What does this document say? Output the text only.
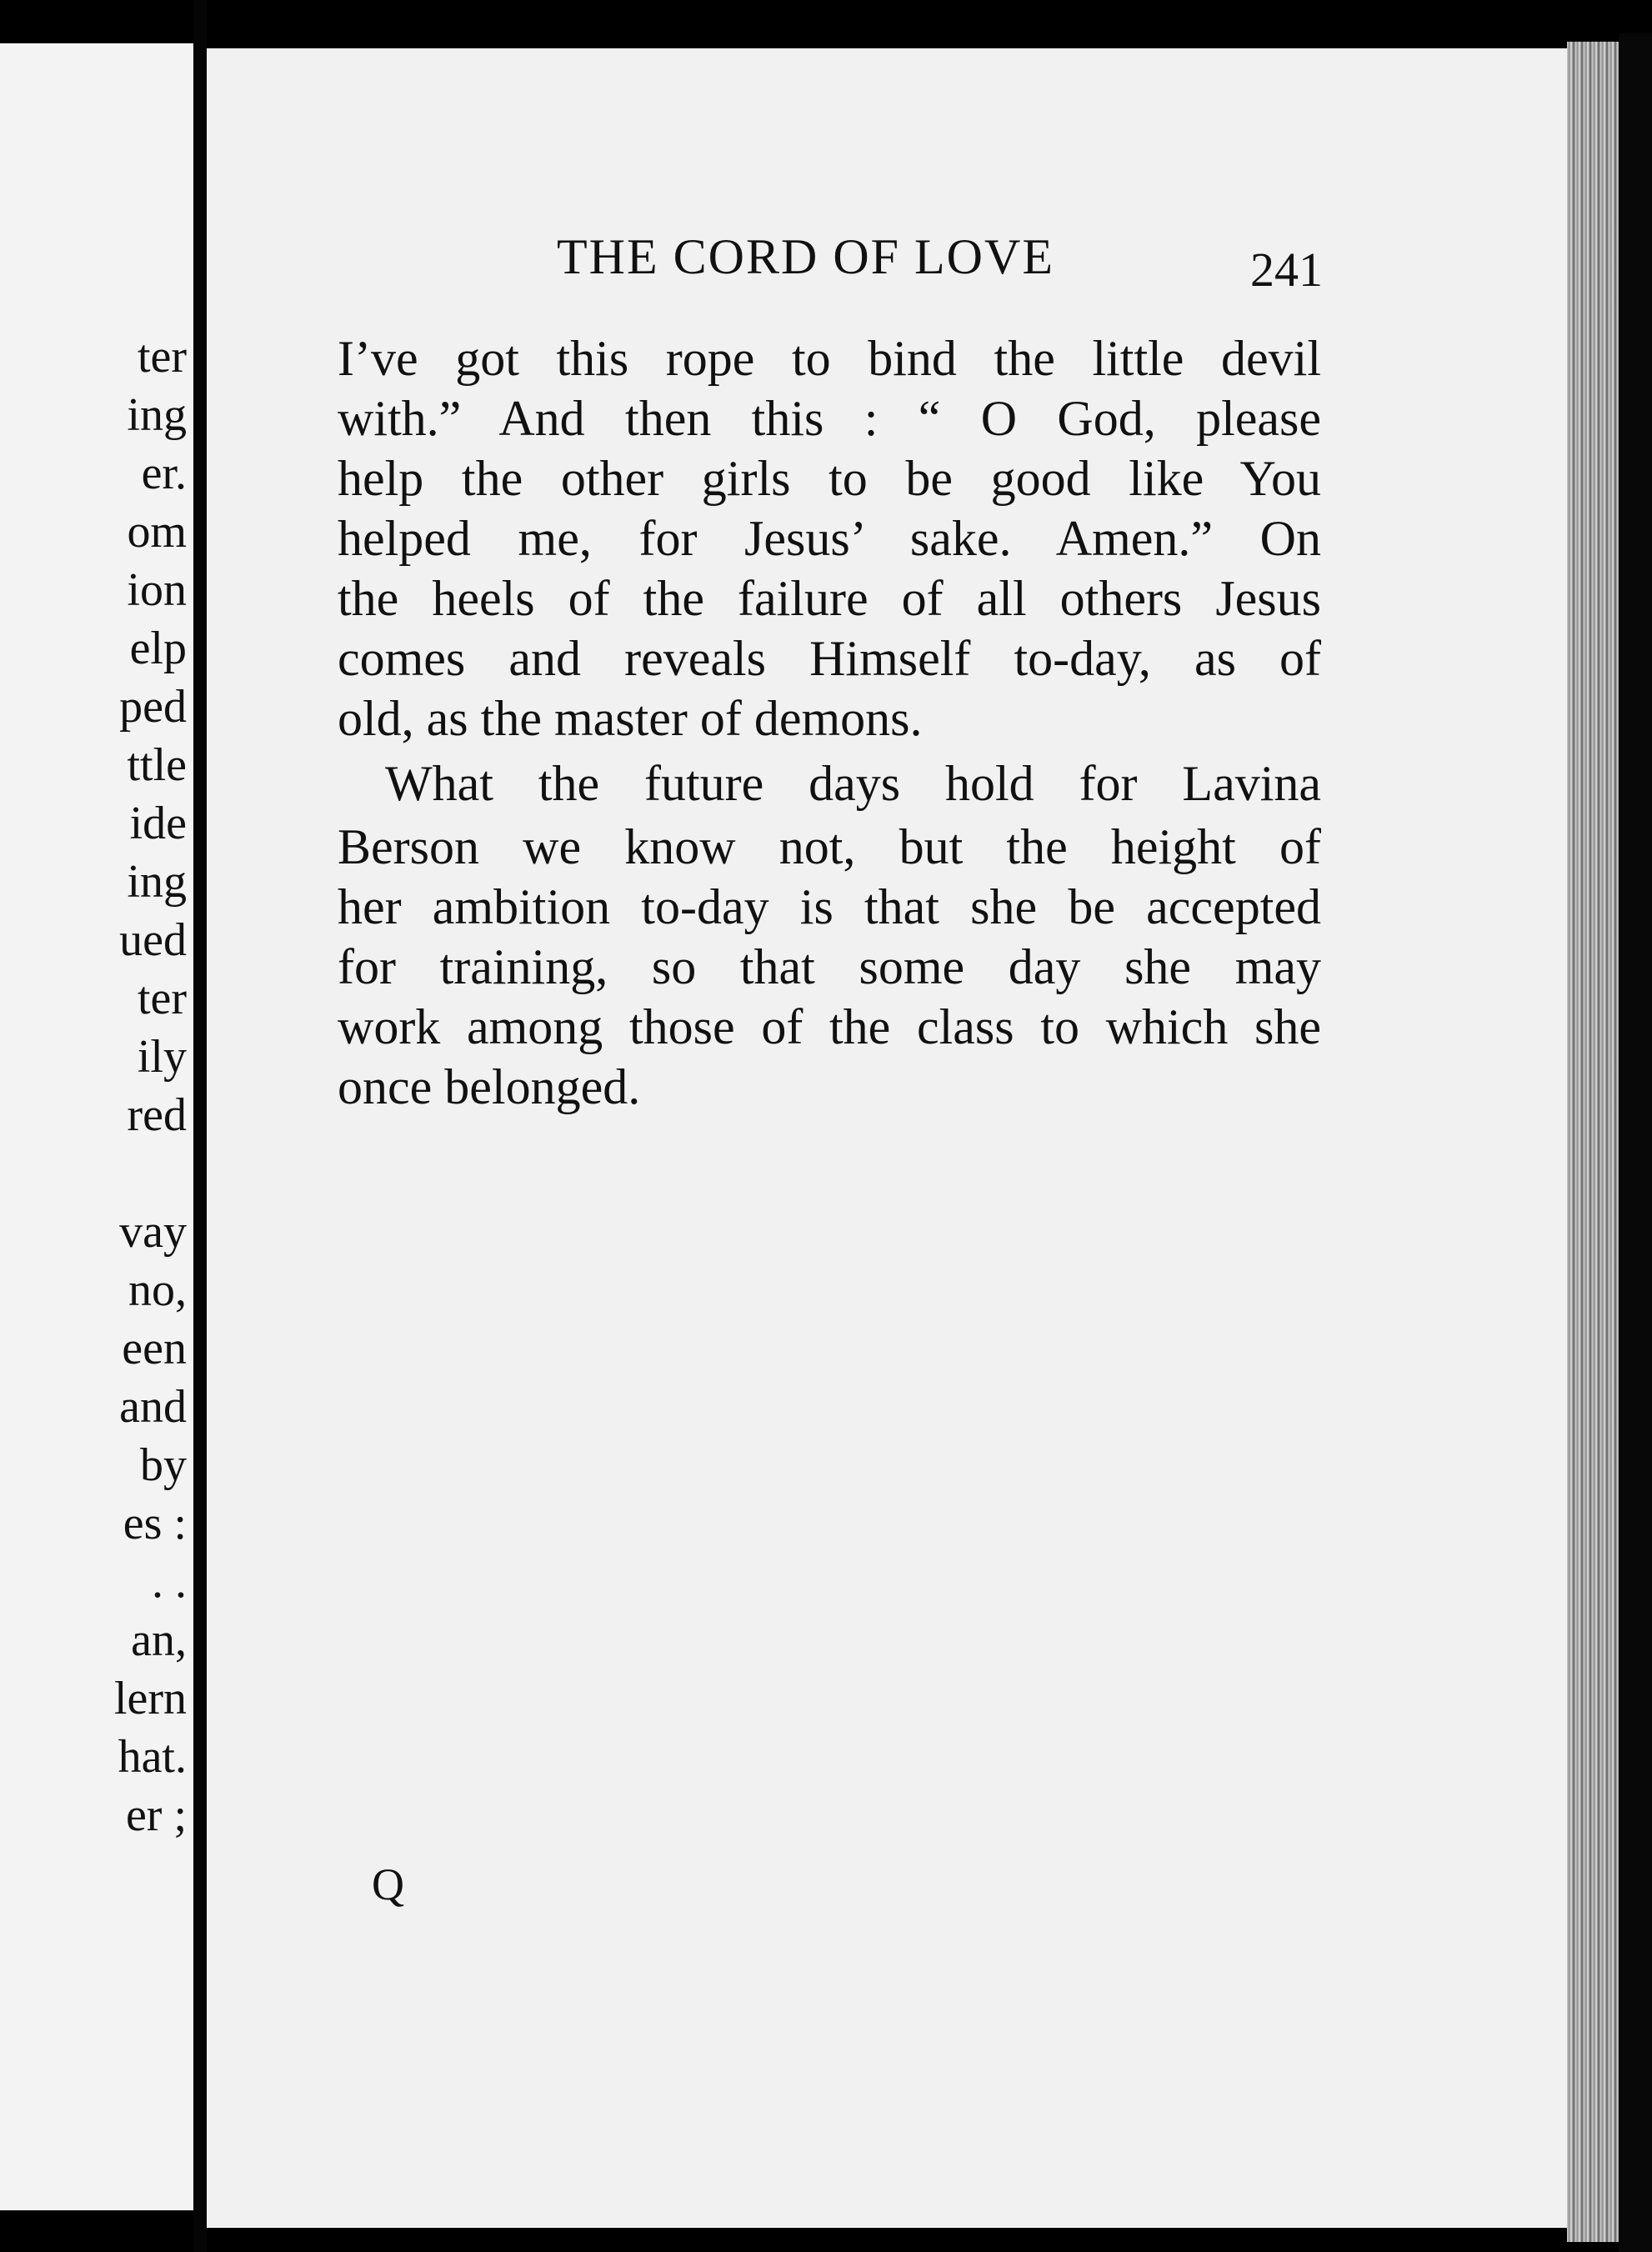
ter
ing
er.
om
ion
elp
ped
ttle
ide
ing
ued
ter
ily
red
vay
no,
een
and
by
es :
. .
an,
lern
hat.
er ;
THE CORD OF LOVE	241
I’ve got this rope to bind the little devil
with.” And then this : “ O God, please
help the other girls to be good like You
helped me, for Jesus’ sake. Amen.” On
the heels of the failure of all others Jesus
comes and reveals Himself to-day, as of
old, as the master of demons.
What the future days hold for Lavina
Berson we know not, but the height of
her ambition to-day is that she be accepted
for training, so that some day she may
work among those of the class to which she
once belonged.
Q
